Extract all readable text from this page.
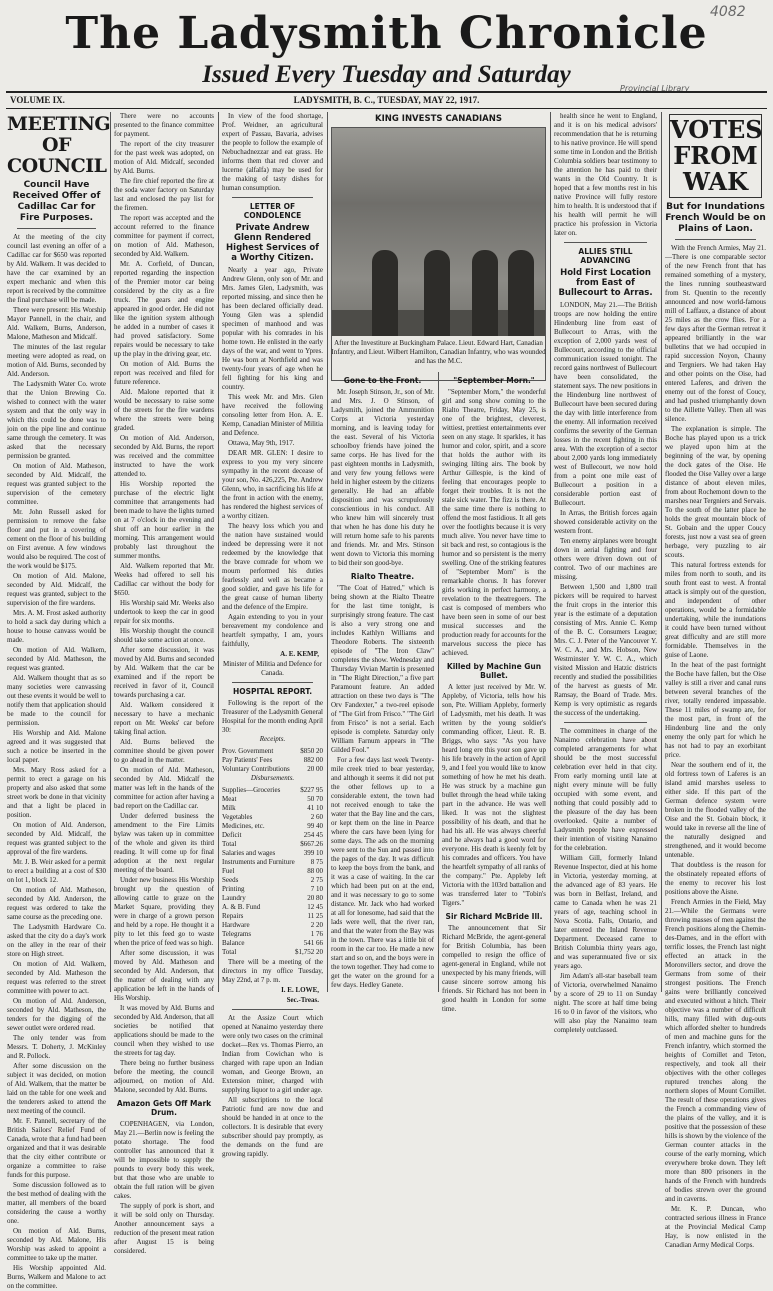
The Ladysmith Chronicle
Issued Every Tuesday and Saturday
Provincial Library
4082
LADYSMITH, B. C., TUESDAY, MAY 22, 1917.
VOLUME IX.
MEETING OF COUNCIL
Council Have Received Offer of Cadillac Car for Fire Purposes.

At the meeting of the city council last evening an offer of a Cadillac car for $650 was reported by Ald. Walkem. It was decided to have the car examined by an expert mechanic and when this report is received by the committee the final purchase will be made.

There were present: His Worship Mayor Pannell, in the chair, and Ald. Walkem, Burns, Anderson, Malone, Matheson and Midcalf.

The minutes of the last regular meeting were adopted as read, on motion of Ald. Burns, seconded by Ald. Anderson.

The Ladysmith Water Co. wrote that the Union Brewing Co. wished to connect with the water system and that the only way in which this could be done was to join on the pipe line and continue same through the cemetery. It was asked that the necessary permission be granted.

On motion of Ald. Matheson, seconded by Ald. Midcalf, the request was granted subject to the supervision of the cemetery committee.

Mr. John Russell asked for permission to remove the false floor and put in a covering of cement on the floor of his building on First avenue. A few windows would also be required. The cost of the work would be $175.

On motion of Ald. Malone, seconded by Ald. Midcalf, the request was granted, subject to the supervision of the fire wardens.

Mrs. A. M. Frost asked authority to hold a sack day during which a house to house canvass would be made.

On motion of Ald. Walkem, seconded by Ald. Matheson, the request was granted.

Ald. Walkem thought that as so many societies were canvassing out these events it would be well to notify them that application should be made to the council for permission.

His Worship and Ald. Malone agreed and it was suggested that such a notice be inserted in the local paper.

Mrs. Mary Ross asked for a permit to erect a garage on his property and also asked that some street work be done in that vicinity and that a light be placed in position.

On motion of Ald. Anderson, seconded by Ald. Midcalf, the request was granted subject to the approval of the fire wardens.

Mr. J. B. Weir asked for a permit to erect a building at a cost of $30 on lot 1, block 12.

On motion of Ald. Matheson, seconded by Ald. Anderson, the request was ordered to take the same course as the preceding one.

The Ladysmith Hardware Co. asked that the city do a day's work on the alley in the rear of their store on High street.

On motion of Ald. Walkem, seconded by Ald. Matheson the request was referred to the street committee with power to act.

On motion of Ald. Anderson, seconded by Ald. Matheson, the tenders for the digging of the sewer outlet were ordered read.

The only tender was from Messrs. T. Doherty, J. McKinley and R. Pollock.

After some discussion on the subject it was decided, on motion of Ald. Walkem, that the matter be laid on the table for one week and the tenderers asked to attend the next meeting of the council.

Mr. F. Pannell, secretary of the British Sailors' Relief Fund of Canada, wrote that a fund had been organized and that it was desirable that the city either contribute or organize a committee to raise funds for this purpose.

Some discussion followed as to the best method of dealing with the matter, all members of the board considering the cause a worthy one.

On motion of Ald. Burns, seconded by Ald. Malone, His Worship was asked to appoint a committee to take up the matter.

His Worship appointed Ald. Burns, Walkem and Malone to act on the committee.

There were no accounts presented to the finance committee for payment.

The report of the city treasurer for the past week was adopted, on motion of Ald. Midcalf, seconded by Ald. Burns.

The fire chief reported the fire at the soda water factory on Saturday last and enclosed the pay list for the firemen.

The report was accepted and the account referred to the finance committee for payment if correct, on motion of Ald. Matheson, seconded by Ald. Walkem.

Mr. A. Corfield, of Duncan, reported regarding the inspection of the Premier motor car being considered by the city as a fire truck. The gears and engine appeared in good order. He did not like the ignition system although he added in a number of cases it had proved satisfactory. Some repairs would be necessary to take up the play in the driving gear, etc.

On motion of Ald. Burns the report was received and filed for future reference.

Ald. Malone reported that it would be necessary to raise some of the streets for the fire wardens where the streets were being graded.

On motion of Ald. Anderson, seconded by Ald. Burns, the report was received and the committee instructed to have the work attended to.

His Worship reported the purchase of the electric light committee that arrangements had been made to have the lights turned on at 7 o'clock in the evening and shut off an hour earlier in the morning. This arrangement would probably last throughout the summer months.

Ald. Walkem reported that Mr. Weeks had offered to sell his Cadillac car without the body for $650.

His Worship said Mr. Weeks also undertook to keep the car in good repair for six months.

His Worship thought the council should take some action at once.

After some discussion, it was moved by Ald. Burns and seconded by Ald. Walkem that the car be examined and if the report be received in favor of it, Council towards purchasing a car.

Ald. Walkem considered it necessary to have a mechanic report on Mr. Weeks' car before taking final action.

Ald. Burns believed the committee should be given power to go ahead in the matter.

On motion of Ald. Matheson, seconded by Ald. Midcalf the matter was left in the hands of the committee for action after having a bad report on the Cadillac car.

Under deferred business the amendment to the Fire Limits bylaw was taken up in committee of the whole and given its third reading. It will come up for final adoption at the next regular meeting of the board.

Under new business His Worship brought up the question of allowing cattle to graze on the Market Square, providing they were in charge of a grown person and held by a rope. He thought it a pity to let this feed go to waste when the price of feed was so high.

After some discussion, it was moved by Ald. Matheson and seconded by Ald. Anderson, that the matter of dealing with any application be left in the hands of His Worship.

It was moved by Ald. Burns and seconded by Ald. Anderson, that all societies be notified that applications should be made to the council when they wished to use the streets for tag day.

There being no further business before the meeting, the council adjourned, on motion of Ald. Malone, seconded by Ald. Burns.

Amazon Gets Off Mark Drum.

COPENHAGEN, via London, May 21.—Berlin now is feeling the potato shortage. The food controller has announced that it will be impossible to supply the pounds to every body this week, but that those who are unable to obtain the full ration will be given cakes.

The supply of pork is short, and it will be sold only on Thursday. Another announcement says a reduction of the present meat ration after August 15 is being considered.

In view of the food shortage, Prof. Weidner, an agricultural expert of Passau, Bavaria, advises the people to follow the example of Nebuchadnezzar and eat grass. He informs them that red clover and lucerne (alfalfa) may be used for the making of tasty dishes for human consumption.

LETTER OF CONDOLENCE
Private Andrew Glenn Rendered Highest Services of a Worthy Citizen.

Nearly a year ago, Private Andrew Glenn, only son of Mr. and Mrs. James Glen, Ladysmith, was reported missing, and since then he has been declared officially dead. Young Glen was a splendid specimen of manhood and was popular with his comrades in his home town. He enlisted in the early days of the war, and went to Ypres. He was born at Northfield and was twenty-four years of age when he fell fighting for his king and country.

This week Mr. and Mrs. Glen have received the following consoling letter from Hon. A. E. Kemp, Canadian Minister of Militia and Defence.

Ottawa, May 9th, 1917.

DEAR MR. GLEN: I desire to express to you my very sincere sympathy in the recent decease of your son, No. 426,225, Pte. Andrew Glenn, who, in sacrificing his life at the front in action with the enemy, has rendered the highest services of a worthy citizen.

The heavy loss which you and the nation have sustained would indeed be depressing were it not redeemed by the knowledge that the brave comrade for whom we mourn performed his duties fearlessly and well as became a good soldier, and gave his life for the great cause of human liberty and the defence of the Empire.

Again extending to you in your bereavement my condolence and heartfelt sympathy, I am, yours faithfully,

A. E. KEMP,
Minister of Militia and Defence for Canada.
HOSPITAL REPORT.

Following is the report of the Treasurer of the Ladysmith General Hospital for the month ending April 30:

Receipts.
Prov. Government	$850 20
Pay Patients' Fees	882 00
Voluntary Contributions	20 00
Disbursements.
Supplies—Groceries	$227 95
Meat	50 70
Milk	41 10
Vegetables	2 60
Medicines, etc.	99 40
Deficit	254 45
Total	$667.26
Salaries and wages	399 10
Instruments and Furniture	8 75
Fuel	88 00
Seeds	2 75
Printing	7 10
Laundry	20 80
A. & B. Fund	12 45
Repairs	11 25
Hardware	2 20
Telegrams	1 76
Balance	541 66
Total	$1,752 20

There will be a meeting of the directors in my office Tuesday, May 22nd, at 7 p. m.

I. E. LOWE,
Sec.-Treas.

At the Assize Court which opened at Nanaimo yesterday there were only two cases on the criminal docket—Rex vs. Thomas Pierro, an Indian from Cowichan who is charged with rape upon an Indian woman, and George Brown, an Extension miner, charged with supplying liquor to a girl under age.

All subscriptions to the local Patriotic fund are now due and should be handed in at once to the collectors. It is desirable that every subscriber should pay promptly, as the demands on the fund are growing rapidly.

KING INVESTS CANADIANS
After the Investiture at Buckingham Palace. Lieut. Edward Hart, Canadian Infantry, and Lieut. Wilbert Hamilton, Canadian Infantry, who was wounded and has the M.C.
Gone to the Front.

Mr. Joseph Stinson, Jr., son of Mr. and Mrs. J. O Stinson, of Ladysmith, joined the Ammunition Corps at Victoria yesterday morning, and is leaving today for the east. Several of his Victoria schoolboy friends have joined the same corps. He has lived for the past eighteen months in Ladysmith, and very few young fellows were held in higher esteem by the citizens generally. He had an affable disposition and was scrupulously conscientious in his conduct. All who knew him will sincerely trust that when he has done his duty he will return home safe to his parents and friends. Mr. and Mrs. Stinson went down to Victoria this morning to bid their son good-bye.

Rialto Theatre.

"The Coat of Hatred," which is being shown at the Rialto Theatre for the last time tonight, is surprisingly strong feature. The cast is also a very strong one and includes Kathlyn Williams and Theodore Roberts. The sixteenth episode of "The Iron Claw" completes the show. Wednesday and Thursday Vivian Martin is presented in "The Right Direction," a five part Paramount feature. An added attraction on these two days is "The Orv Fandexter," a two-reel episode of "The Girl from Frisco." "The Girl from Frisco" is not a serial. Each episode is complete. Saturday only William Farnum appears in "The Gilded Fool."

For a few days last week Twenty-mile creek tried to bear yesterday, and although it seems it did not put the other fellows up to a considerable extent, the town had not received enough to take the water that the Bay line and the cars, or kept them on the line in Pearce where the cars have been lying for some days. The ads on the morning were sent to the Sun and passed into the pages of the day. It was difficult to keep the boys from the bank, and it was a case of waiting. In the car which had been put on at the end, and it was necessary to go to some distance. Mr. Jack who had worked at all for lonesome, had said that the lads were well, that the river ran, and that the water from the Bay was in the town. There was a little bit of room in the car too. He made a new start and so on, and the boys were in the town together. They had come to get the water on the ground for a few days. Hedley Ganete.

"September Morn."

"September Morn," the wonderful girl and song show coming to the Rialto Theatre, Friday, May 25, is one of the brightest, cleverest, wittiest, prettiest entertainments ever seen on any stage. It sparkles, it has humor and color, spirit, and a score that holds the author with its swinging lilting airs. The book by Arthur Gillespie, is the kind of feeling that encourages people to forget their troubles. It is not the stale sick water. The fizz is there. At the same time there is nothing to offend the most fastidious. It all gets over the footlights because it is very much alive. You never have time to sit back and rest, so contagious is the humor and so persistent is the merry swelling. One of the striking features of "September Morn" is the remarkable chorus. It has forever girls working in perfect harmony, a revelation to the theatregoers. The cast is composed of members who have been seen in some of our best musical successes and the production ready for accounts for the marvelous success the piece has achieved.

Killed by Machine Gun Bullet.

A letter just received by Mr. W. Appleby, of Victoria, tells how his son, Pte. William Appleby, formerly of Ladysmith, met his death. It was written by the young soldier's commanding officer, Lieut. R. B. Briggs, who says: "As you have heard long ere this your son gave up his life bravely in the action of April 9, and I feel you would like to know something of how he met his death. He was struck by a machine gun bullet through the head while taking part in the advance. He was well liked. It was not the slightest possibility of his death, and that he had his all. He was always cheerful and he always had a good word for everyone. His death is keenly felt by his comrades and officers. You have the heartfelt sympathy of all ranks of the company." Pte. Appleby left Victoria with the 103rd battalion and was transferred later to "Tobin's Tigers."

Sir Richard McBride Ill.

The announcement that Sir Richard McBride, the agent-general for British Columbia, has been compelled to resign the office of agent-general in England, while not unexpected by his many friends, will cause sincere sorrow among his friends. Sir Richard has not been in good health in London for some time.

health since he went to England, and it is on his medical advisors' recommendation that he is returning to his native province. He will spend some time in London and the British Columbia soldiers bear testimony to the attention he has paid to their wants in the Old Country. It is hoped that a few months rest in his native Province will fully restore him to health. It is understood that if his health will permit he will practice his profession in Victoria later on.

ALLIES STILL ADVANCING
Hold First Location from East of Bullecourt to Arras.

LONDON, May 21.—The British troops are now holding the entire Hindenburg line from east of Bullecourt to Arras, with the exception of 2,000 yards west of Bullecourt, according to the official communication issued tonight. The record gains northwest of Bullecourt have been consolidated, the statement says. The new positions in the Hindenburg line northwest of Bullecourt have been secured during the day with little interference from the enemy. All information received confirms the severity of the German losses in the recent fighting in this area. With the exception of a sector about 2,000 yards long immediately west of Bullecourt, we now hold from a point one mile east of Bullecourt a position in a considerable portion east of Bullecourt.

In Arras, the British forces again showed considerable activity on the western front.

Ten enemy airplanes were brought down in aerial fighting and four others were driven down out of control. Two of our machines are missing.

Between 1,500 and 1,800 trail pickers will be required to harvest the fruit crops in the interior this year is the estimate of a deputation consisting of Mrs. Annie C. Kemp of the B. C. Consumers League; Mrs. C. J. Peter of the Vancouver Y. W. C. A., and Mrs. Hobson, New Westminster Y. W. C. A., which visited Mission and Hatzic districts recently and studied the possibilities of the harvest as guests of Mr. Ramsay, the Board of Trade. Mrs. Kemp is very optimistic as regards the success of the undertaking.

The committees in charge of the Nanaimo celebration have about completed arrangements for what should be the most successful celebration ever held in that city. From early morning until late at night every minute will be fully occupied with some event, and nothing that could possibly add to the pleasure of the day has been overlooked. Quite a number of Ladysmith people have expressed their intention of visiting Nanaimo for the celebration.

William Gill, formerly Inland Revenue Inspector, died at his home in Victoria, yesterday morning, at the advanced age of 83 years. He was born in Belfast, Ireland, and came to Canada when he was 21 years of age, teaching school in Nova Scotia. Falls, Ontario, and later entered the Inland Revenue Department. Deceased came to British Columbia thirty years ago, and was superannuated five or six years ago.

Jim Adam's all-star baseball team of Victoria, overwhelmed Nanaimo by a score of 29 to 11 on Sunday night. The score at half time being 16 to 0 in favor of the visitors, who will also play the Nanaimo team completely outclassed.

VOTES FROM WAK
But for Inundations French Would be on Plains of Laon.

With the French Armies, May 21.—There is one comparable sector of the new French front that has remained something of a mystery, the lines running southeastward from St. Quentin to the recently announced and now world-famous mill of Laffaux, a distance of about 25 miles as the crow flies. For a few days after the German retreat it appeared brilliantly in the war bulletins that we had occupied in rapid succession Noyon, Chauny and Tergniers. We had taken Hay and other points on the Oise, had entered Laferes, and driven the enemy out of the forest of Coucy, and had pushed triumphantly down to the Aillette Valley. Then all was silence.

The explanation is simple. The Boche has played upon us a trick we played upon him at the beginning of the war, by opening the dock gates of the Oise. He flooded the Oise Valley over a large distance of about eleven miles, from about Rochemont down to the marshes near Tergniers and Servais. To the south of the latter place he holds the great mountain block of St. Gobain and the upper Coucy forests, just now a vast sea of green herbage, very puzzling to air scouts.

This natural fortress extends for miles from north to south, and its south front east to west. A frontal attack is simply out of the question, and independent of other operations, would be a formidable undertaking, while the inundations it could have been turned without great difficulty and are still more formidable. Themselves in the guise of Laone.

In the heat of the past fortnight the Boche have fallen, but the Oise valley is still a river and canal runs between several branches of the river, totally rendered impassable. These 11 miles of swamp are, for the most part, in front of the Hindenburg line and the only enemy the only part for which he has not had to pay an exorbitant price.

Near the southern end of it, the old fortress town of Laferes is an island amid marshes useless to either side. If this part of the German defence system were broken in the flooded valley of the Oise and the St. Gobain block, it would take in reverse all the line of the naturally designed and strengthened, and it would become untenable.

That doubtless is the reason for the obstinately repeated efforts of the enemy to recover his lost positions above the Aisne.

French Armies in the Field, May 21.—While the Germans were throwing masses of men against the French positions along the Chemin-des-Dames, and in the effort with terrific losses, the French last night effected an attack in the Moronvillers sector, and drove the Germans from some of their strongest positions. The French gains were brilliantly conceived and executed without a hitch. Their objective was a number of difficult hills, many filled with dug-outs which afforded shelter to hundreds of men and machine guns for the French infantry, which stormed the heights of Cornillet and Teton, respectively, and took all their objectives with the other colleges ruptured trenches along the northern slopes of Mount Cornillet. The result of these operations gives the French a commanding view of the plains of the valley, and it is positive that the possession of these hills is shown by the violence of the German counter attacks in the course of the early morning, which everywhere broke down. They left more than 800 prisoners in the hands of the French with hundreds of bodies strewn over the ground and in caverns.

Mr. K. P. Duncan, who contracted serious illness in France at the Provincial Medical Camp Hay, is now enlisted in the Canadian Army Medical Corps.
